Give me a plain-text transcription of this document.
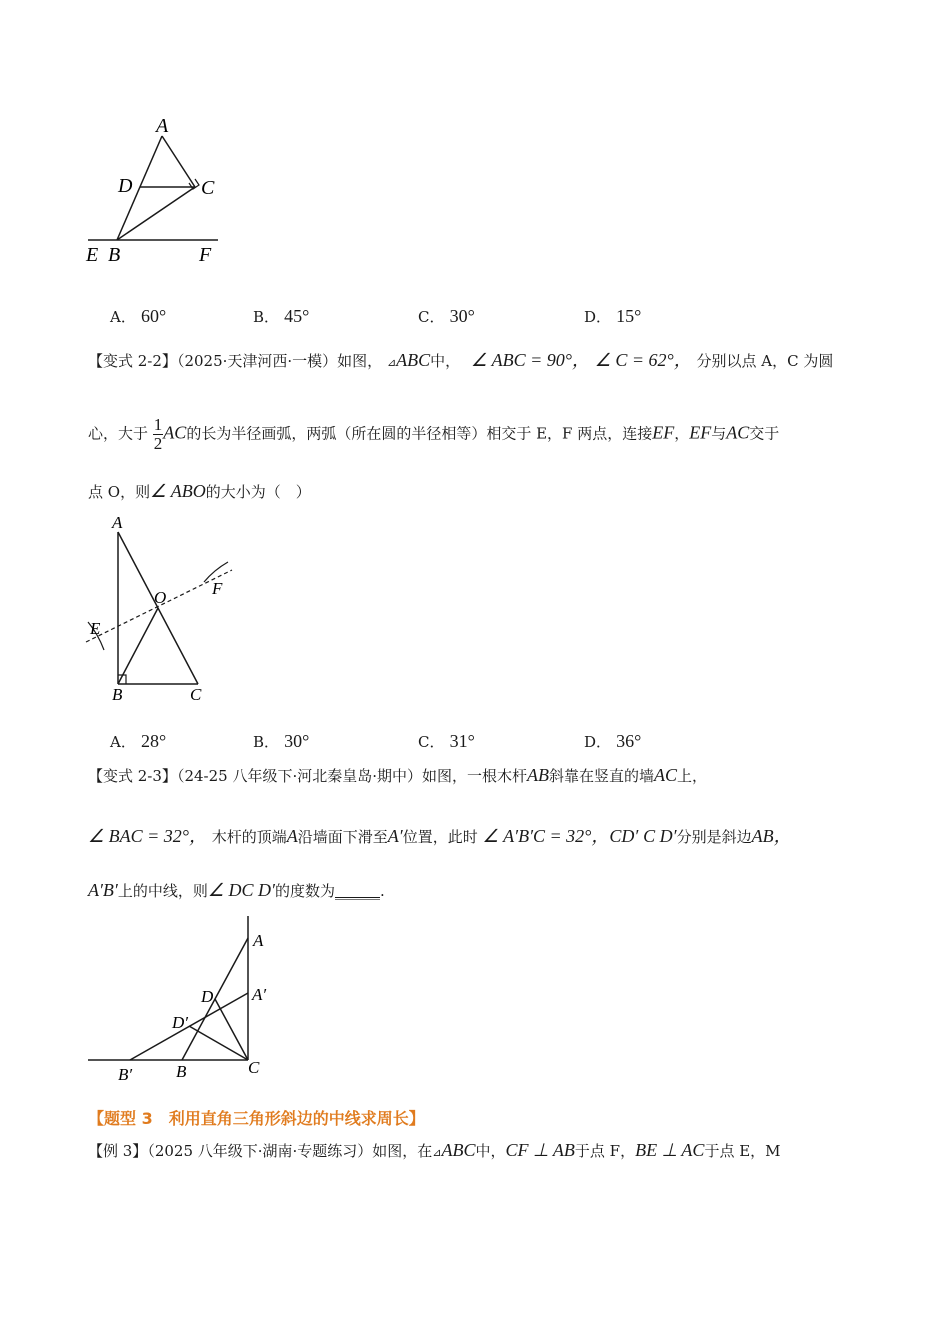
A
D	C
E B	F
A． 60°	B． 45°	C． 30°	D． 15°
【变式 2-2】（2025·天津河西·一模）如图， ⊿ABC中， ∠ ABC = 90°， ∠ C = 62°， 分别以点 A，C 为圆
心，大于 $\frac{1}{2}$ AC的长为半径画弧，两弧（所在圆的半径相等）相交于 E，F 两点，连接EF，EF与AC交于
点 O，则∠ ABO的大小为（　）
A
O	F
E
B	C
A． 28°	B． 30°	C． 31°	D． 36°
【变式 2-3】（24-25 八年级下·河北秦皇岛·期中）如图，一根木杆AB斜靠在竖直的墙AC上，
∠ BAC = 32°， 木杆的顶端A沿墙面下滑至A′位置，此时 ∠ A′B′C = 32°，CD′ C D′分别是斜边AB，
A′B′上的中线，则∠ DC D′的度数为______.
A
A′
D
D′
B′	B	C
【题型 3　利用直角三角形斜边的中线求周长】
【例 3】（2025 八年级下·湖南·专题练习）如图，在⊿ABC中，CF ⊥ AB于点 F，BE ⊥ AC于点 E，M
